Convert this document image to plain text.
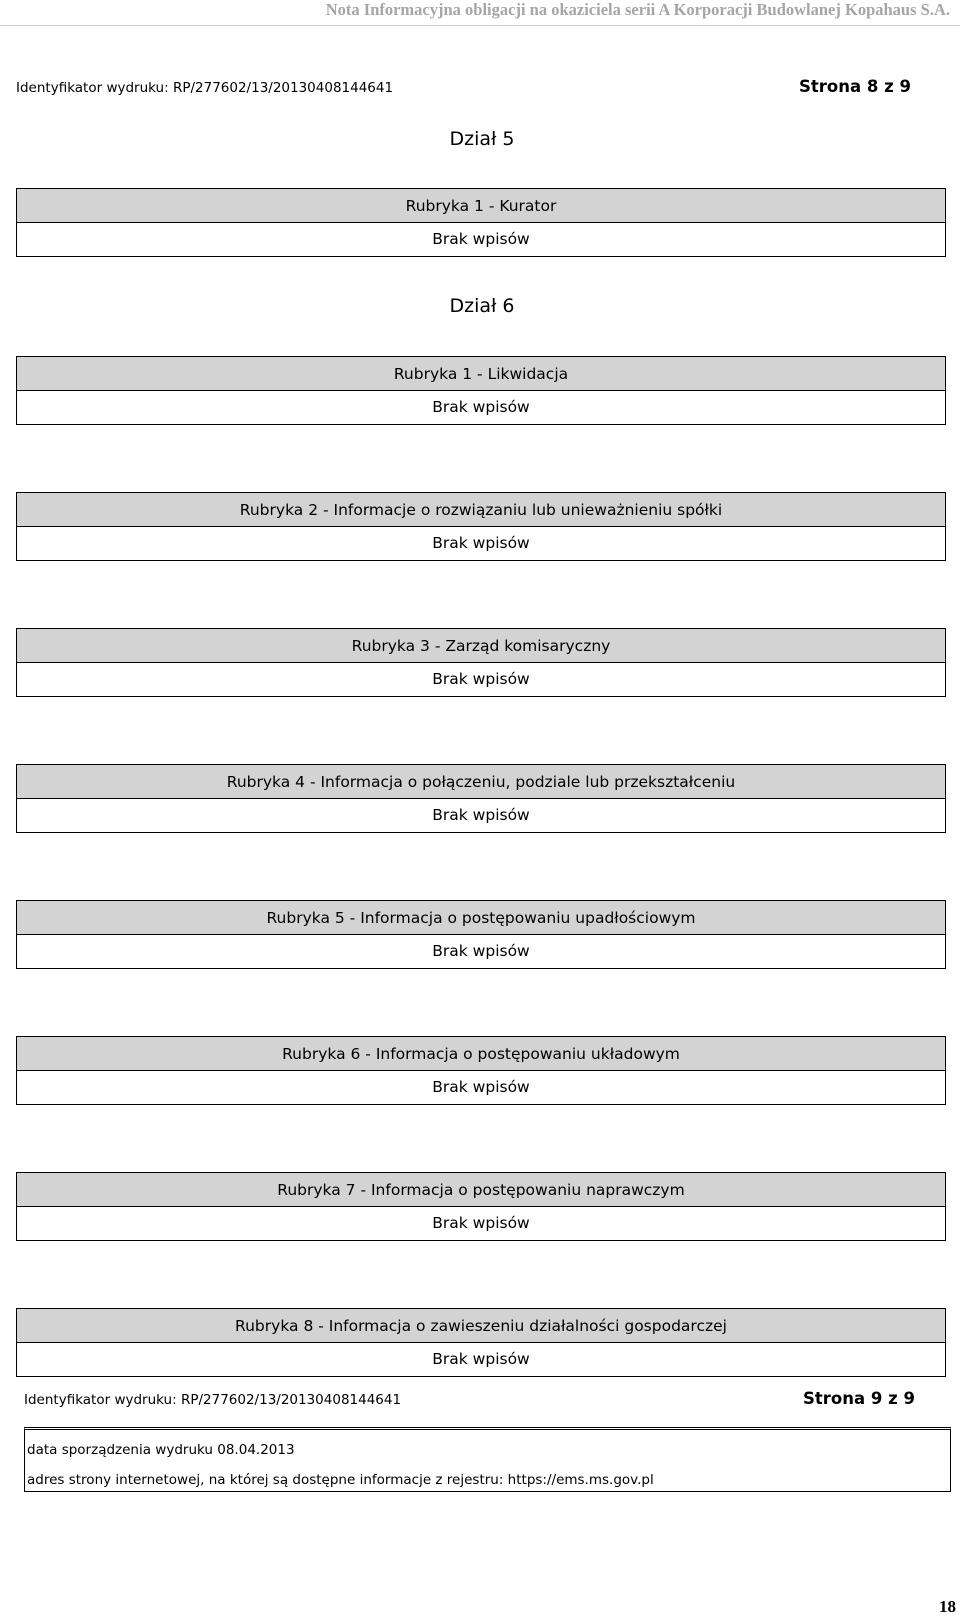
Nota Informacyjna obligacji na okaziciela serii A Korporacji Budowlanej Kopahaus S.A.
Identyfikator wydruku: RP/277602/13/20130408144641	Strona 8 z 9
Dział 5
Rubryka 1 - Kurator
Brak wpisów
Dział 6
Rubryka 1 - Likwidacja
Brak wpisów
Rubryka 2 - Informacje o rozwiązaniu lub unieważnieniu spółki
Brak wpisów
Rubryka 3 - Zarząd komisaryczny
Brak wpisów
Rubryka 4 - Informacja o połączeniu, podziale lub przekształceniu
Brak wpisów
Rubryka 5 - Informacja o postępowaniu upadłościowym
Brak wpisów
Rubryka 6 - Informacja o postępowaniu układowym
Brak wpisów
Rubryka 7 - Informacja o postępowaniu naprawczym
Brak wpisów
Rubryka 8 - Informacja o zawieszeniu działalności gospodarczej
Brak wpisów
Identyfikator wydruku: RP/277602/13/20130408144641	Strona 9 z 9
data sporządzenia wydruku 08.04.2013
adres strony internetowej, na której są dostępne informacje z rejestru: https://ems.ms.gov.pl
18
